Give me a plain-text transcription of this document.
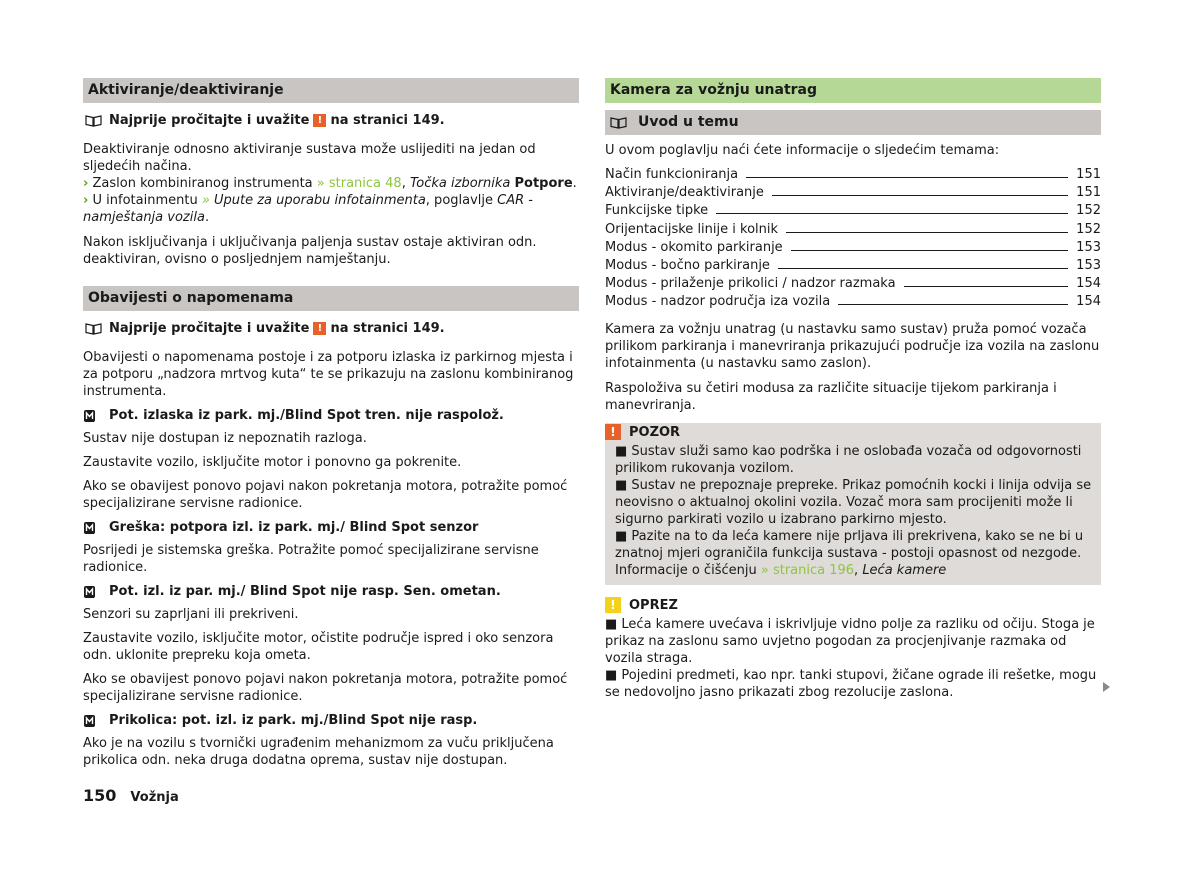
Aktiviranje/deaktiviranje
Najprije pročitajte i uvažite ! na stranici 149.

Deaktiviranje odnosno aktiviranje sustava može uslijediti na jedan od sljedećih načina.

› Zaslon kombiniranog instrumenta » stranica 48, Točka izbornika Potpore.

› U infotainmentu » Upute za uporabu infotainmenta, poglavlje CAR - namještanja vozila.

Nakon isključivanja i uključivanja paljenja sustav ostaje aktiviran odn. deaktiviran, ovisno o posljednjem namještanju.

Obavijesti o napomenama
Najprije pročitajte i uvažite ! na stranici 149.

Obavijesti o napomenama postoje i za potporu izlaska iz parkirnog mjesta i za potporu „nadzora mrtvog kuta“ te se prikazuju na zaslonu kombiniranog instrumenta.

Pot. izlaska iz park. mj./Blind Spot tren. nije raspolož.

Sustav nije dostupan iz nepoznatih razloga.

Zaustavite vozilo, isključite motor i ponovno ga pokrenite.

Ako se obavijest ponovo pojavi nakon pokretanja motora, potražite pomoć specijalizirane servisne radionice.

Greška: potpora izl. iz park. mj./ Blind Spot senzor

Posrijedi je sistemska greška. Potražite pomoć specijalizirane servisne radionice.

Pot. izl. iz par. mj./ Blind Spot nije rasp. Sen. ometan.

Senzori su zaprljani ili prekriveni.

Zaustavite vozilo, isključite motor, očistite područje ispred i oko senzora odn. uklonite prepreku koja ometa.

Ako se obavijest ponovo pojavi nakon pokretanja motora, potražite pomoć specijalizirane servisne radionice.

Prikolica: pot. izl. iz park. mj./Blind Spot nije rasp.

Ako je na vozilu s tvornički ugrađenim mehanizmom za vuču priključena prikolica odn. neka druga dodatna oprema, sustav nije dostupan.

Kamera za vožnju unatrag
Uvod u temu

U ovom poglavlju naći ćete informacije o sljedećim temama:

Način funkcioniranja	151
Aktiviranje/deaktiviranje	151
Funkcijske tipke	152
Orijentacijske linije i kolnik	152
Modus - okomito parkiranje	153
Modus - bočno parkiranje	153
Modus - prilaženje prikolici / nadzor razmaka	154
Modus - nadzor područja iza vozila	154

Kamera za vožnju unatrag (u nastavku samo sustav) pruža pomoć vozača prilikom parkiranja i manevriranja prikazujući područje iza vozila na zaslonu infotainmenta (u nastavku samo zaslon).

Raspoloživa su četiri modusa za različite situacije tijekom parkiranja i manevriranja.

!	POZOR

■ Sustav služi samo kao podrška i ne oslobađa vozača od odgovornosti prilikom rukovanja vozilom.

■ Sustav ne prepoznaje prepreke. Prikaz pomoćnih kocki i linija odvija se neovisno o aktualnoj okolini vozila. Vozač mora sam procijeniti može li sigurno parkirati vozilo u izabrano parkirno mjesto.

■ Pazite na to da leća kamere nije prljava ili prekrivena, kako se ne bi u znatnoj mjeri ograničila funkcija sustava - postoji opasnost od nezgode. Informacije o čišćenju » stranica 196, Leća kamere

!	OPREZ

■ Leća kamere uvećava i iskrivljuje vidno polje za razliku od očiju. Stoga je prikaz na zaslonu samo uvjetno pogodan za procjenjivanje razmaka od vozila straga.

■ Pojedini predmeti, kao npr. tanki stupovi, žičane ograde ili rešetke, mogu se nedovoljno jasno prikazati zbog rezolucije zaslona.

150 Vožnja
